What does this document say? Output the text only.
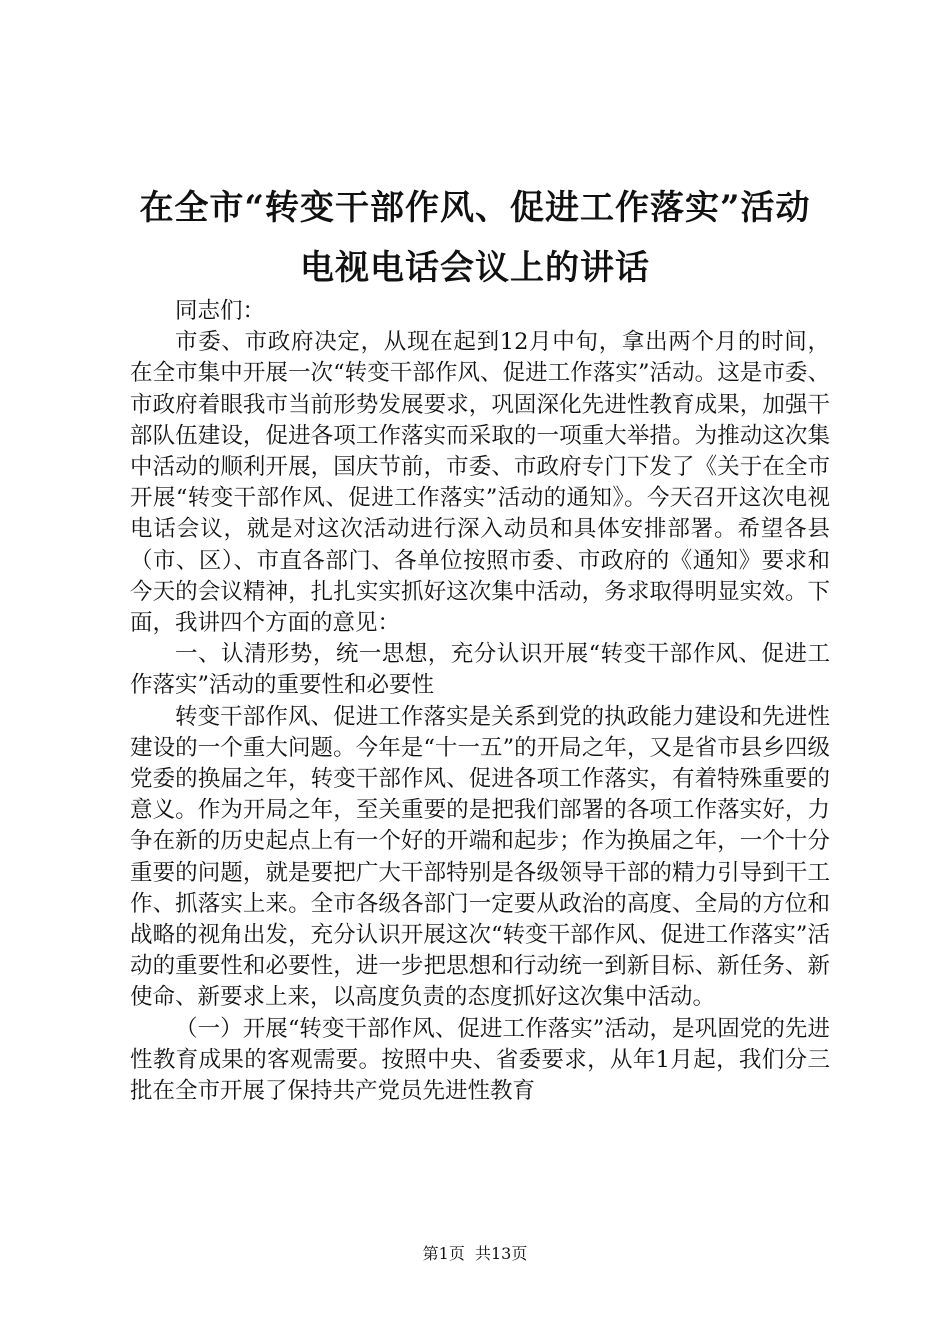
在全市“转变干部作风、促进工作落实”活动
电视电话会议上的讲话

同志们：

市委、市政府决定，从现在起到12月中旬，拿出两个月的时间，在全市集中开展一次“转变干部作风、促进工作落实”活动。这是市委、市政府着眼我市当前形势发展要求，巩固深化先进性教育成果，加强干部队伍建设，促进各项工作落实而采取的一项重大举措。为推动这次集中活动的顺利开展，国庆节前，市委、市政府专门下发了《关于在全市开展“转变干部作风、促进工作落实”活动的通知》。今天召开这次电视电话会议，就是对这次活动进行深入动员和具体安排部署。希望各县（市、区）、市直各部门、各单位按照市委、市政府的《通知》要求和今天的会议精神，扎扎实实抓好这次集中活动，务求取得明显实效。下面，我讲四个方面的意见：

一、认清形势，统一思想，充分认识开展“转变干部作风、促进工作落实”活动的重要性和必要性

转变干部作风、促进工作落实是关系到党的执政能力建设和先进性建设的一个重大问题。今年是“十一五”的开局之年，又是省市县乡四级党委的换届之年，转变干部作风、促进各项工作落实，有着特殊重要的意义。作为开局之年，至关重要的是把我们部署的各项工作落实好，力争在新的历史起点上有一个好的开端和起步；作为换届之年，一个十分重要的问题，就是要把广大干部特别是各级领导干部的精力引导到干工作、抓落实上来。全市各级各部门一定要从政治的高度、全局的方位和战略的视角出发，充分认识开展这次“转变干部作风、促进工作落实”活动的重要性和必要性，进一步把思想和行动统一到新目标、新任务、新使命、新要求上来，以高度负责的态度抓好这次集中活动。

（一）开展“转变干部作风、促进工作落实”活动，是巩固党的先进性教育成果的客观需要。按照中央、省委要求，从年1月起，我们分三批在全市开展了保持共产党员先进性教育

第1页  共13页
